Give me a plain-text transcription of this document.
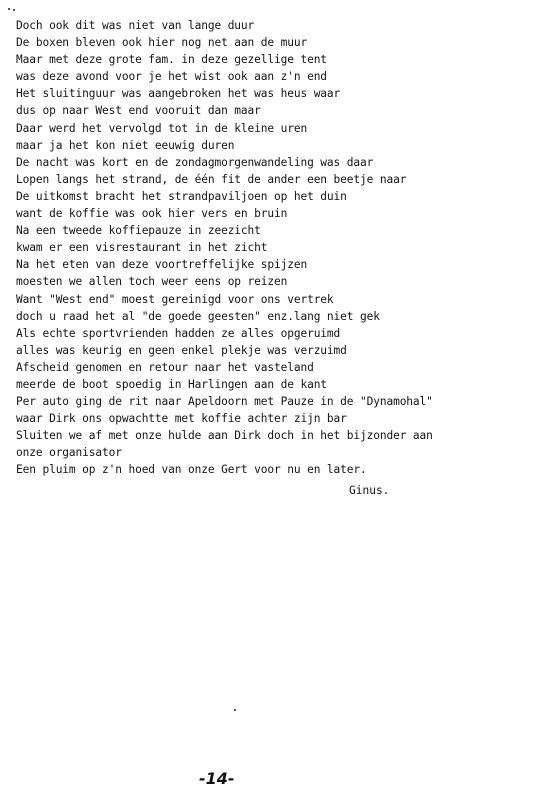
Doch ook dit was niet van lange duur
De boxen bleven ook hier nog net aan de muur
Maar met deze grote fam. in deze gezellige tent
was deze avond voor je het wist ook aan z'n end
Het sluitinguur was aangebroken het was heus waar
dus op naar West end vooruit dan maar
Daar werd het vervolgd tot in de kleine uren
maar ja het kon niet eeuwig duren
De nacht was kort en de zondagmorgenwandeling was daar
Lopen langs het strand, de één fit de ander een beetje naar
De uitkomst bracht het strandpaviljoen op het duin
want de koffie was ook hier vers en bruin
Na een tweede koffiepauze in zeezicht
kwam er een visrestaurant in het zicht
Na het eten van deze voortreffelijke spijzen
moesten we allen toch weer eens op reizen
Want "West end" moest gereinigd voor ons vertrek
doch u raad het al "de goede geesten" enz.lang niet gek
Als echte sportvrienden hadden ze alles opgeruimd
alles was keurig en geen enkel plekje was verzuimd
Afscheid genomen en retour naar het vasteland
meerde de boot spoedig in Harlingen aan de kant
Per auto ging de rit naar Apeldoorn met Pauze in de "Dynamohal"
waar Dirk ons opwachtte met koffie achter zijn bar
Sluiten we af met onze hulde aan Dirk doch in het bijzonder aan
onze organisator
Een pluim op z'n hoed van onze Gert voor nu en later.
Ginus.
-14-
